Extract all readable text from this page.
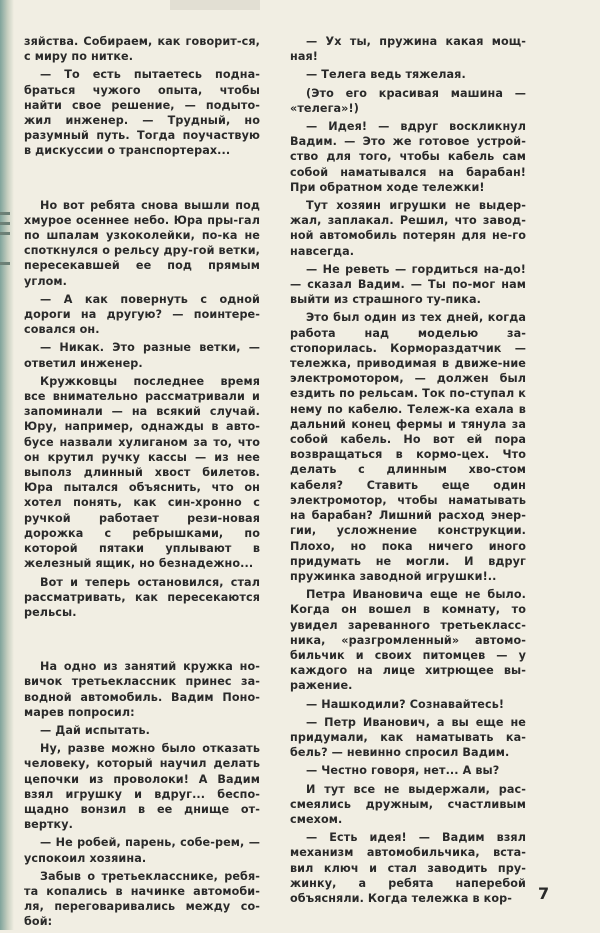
зяйства. Собираем, как говорит-ся, с миру по нитке.

— То есть пытаетесь подна-браться чужого опыта, чтобы найти свое решение, — подыто-жил инженер. — Трудный, но разумный путь. Тогда поучаствую в дискуссии о транспортерах...

Но вот ребята снова вышли под хмурое осеннее небо. Юра пры-гал по шпалам узкоколейки, по-ка не споткнулся о рельсу дру-гой ветки, пересекавшей ее под прямым углом.

— А как повернуть с одной дороги на другую? — поинтере-совался он.

— Никак. Это разные ветки, — ответил инженер.

Кружковцы последнее время все внимательно рассматривали и запоминали — на всякий случай. Юру, например, однажды в авто-бусе назвали хулиганом за то, что он крутил ручку кассы — из нее выполз длинный хвост билетов. Юра пытался объяснить, что он хотел понять, как син-хронно с ручкой работает рези-новая дорожка с ребрышками, по которой пятаки уплывают в железный ящик, но безнадежно...

Вот и теперь остановился, стал рассматривать, как пересекаются рельсы.

На одно из занятий кружка но-вичок третьеклассник принес за-водной автомобиль. Вадим Поно-марев попросил:

— Дай испытать.

Ну, разве можно было отказать человеку, который научил делать цепочки из проволоки! А Вадим взял игрушку и вдруг... беспо-щадно вонзил в ее днище от-вертку.

— Не робей, парень, собе-рем, — успокоил хозяина.

Забыв о третьекласснике, ребя-та копались в начинке автомоби-ля, переговаривались между со-бой:

— Ух ты, пружина какая мощ-ная!

— Телега ведь тяжелая.

(Это его красивая машина — «телега»!)

— Идея! — вдруг воскликнул Вадим. — Это же готовое устрой-ство для того, чтобы кабель сам собой наматывался на барабан! При обратном ходе тележки!

Тут хозяин игрушки не выдер-жал, заплакал. Решил, что завод-ной автомобиль потерян для не-го навсегда.

— Не реветь — гордиться на-до! — сказал Вадим. — Ты по-мог нам выйти из страшного ту-пика.

Это был один из тех дней, когда работа над моделью за-стопорилась. Кормораздатчик — тележка, приводимая в движе-ние электромотором, — должен был ездить по рельсам. Ток по-ступал к нему по кабелю. Тележ-ка ехала в дальний конец фермы и тянула за собой кабель. Но вот ей пора возвращаться в кормо-цех. Что делать с длинным хво-стом кабеля? Ставить еще один электромотор, чтобы наматывать на барабан? Лишний расход энер-гии, усложнение конструкции. Плохо, но пока ничего иного придумать не могли. И вдруг пружинка заводной игрушки!..

Петра Ивановича еще не было. Когда он вошел в комнату, то увидел зареванного третьекласс-ника, «разгромленный» автомо-бильчик и своих питомцев — у каждого на лице хитрющее вы-ражение.

— Нашкодили? Сознавайтесь!

— Петр Иванович, а вы еще не придумали, как наматывать ка-бель? — невинно спросил Вадим.

— Честно говоря, нет... А вы?

И тут все не выдержали, рас-смеялись дружным, счастливым смехом.

— Есть идея! — Вадим взял механизм автомобильчика, вста-вил ключ и стал заводить пру-жинку, а ребята наперебой объясняли. Когда тележка в кор-	7
